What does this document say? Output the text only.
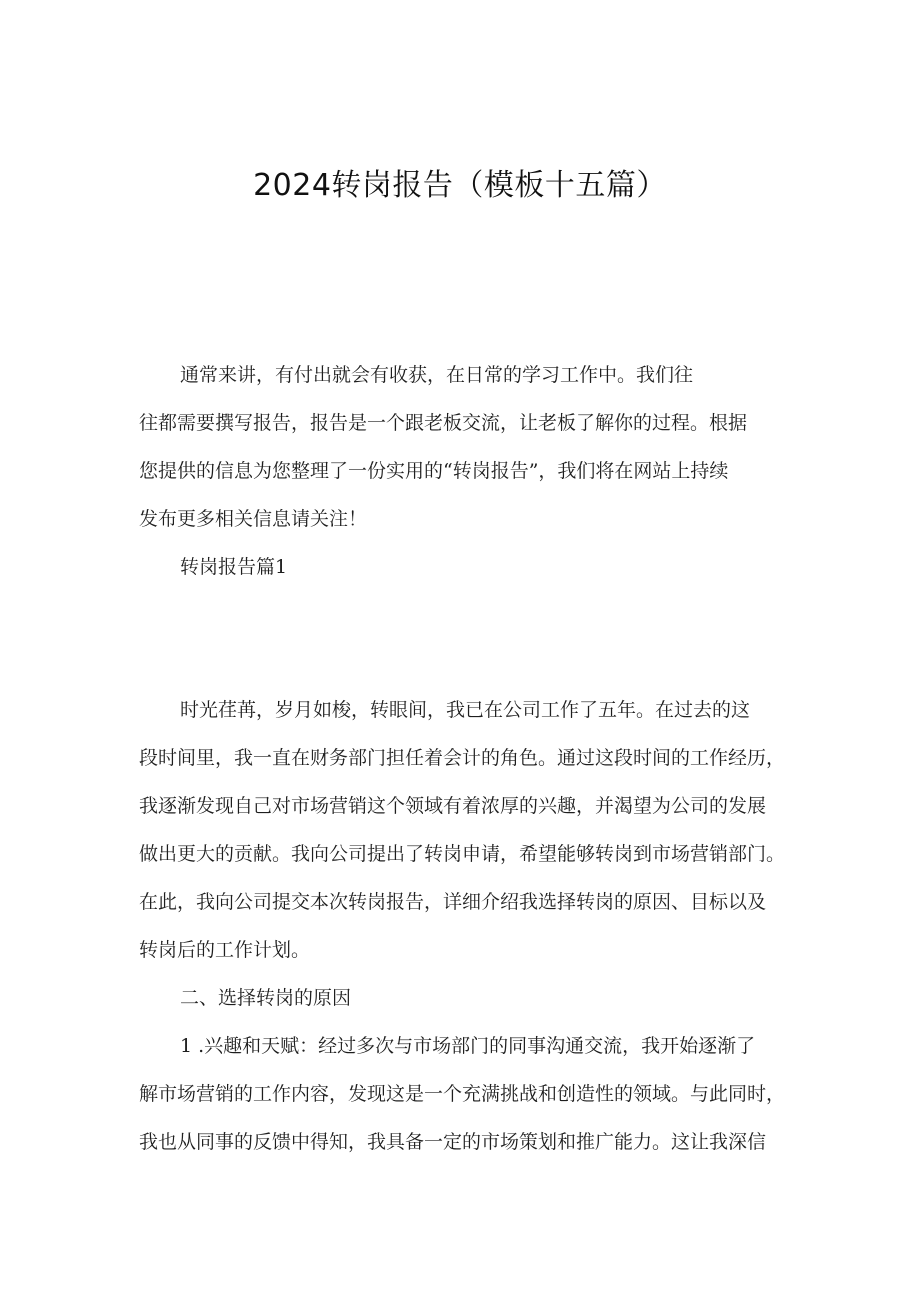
2024转岗报告（模板十五篇）
通常来讲，有付出就会有收获，在日常的学习工作中。我们往
往都需要撰写报告，报告是一个跟老板交流，让老板了解你的过程。根据
您提供的信息为您整理了一份实用的“转岗报告”，我们将在网站上持续
发布更多相关信息请关注！
转岗报告篇1
时光荏苒，岁月如梭，转眼间，我已在公司工作了五年。在过去的这
段时间里，我一直在财务部门担任着会计的角色。通过这段时间的工作经历，
我逐渐发现自己对市场营销这个领域有着浓厚的兴趣，并渴望为公司的发展
做出更大的贡献。我向公司提出了转岗申请，希望能够转岗到市场营销部门。
在此，我向公司提交本次转岗报告，详细介绍我选择转岗的原因、目标以及
转岗后的工作计划。
二、选择转岗的原因
1 .兴趣和天赋：经过多次与市场部门的同事沟通交流，我开始逐渐了
解市场营销的工作内容，发现这是一个充满挑战和创造性的领域。与此同时，
我也从同事的反馈中得知，我具备一定的市场策划和推广能力。这让我深信
